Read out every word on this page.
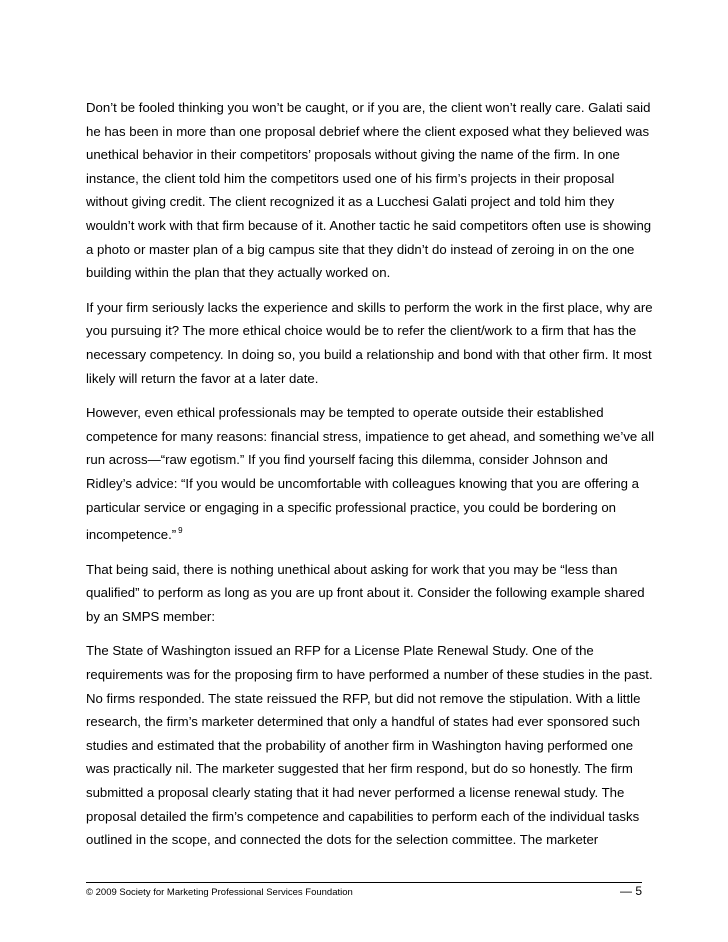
Don’t be fooled thinking you won’t be caught, or if you are, the client won’t really care. Galati said he has been in more than one proposal debrief where the client exposed what they believed was unethical behavior in their competitors’ proposals without giving the name of the firm. In one instance, the client told him the competitors used one of his firm’s projects in their proposal without giving credit. The client recognized it as a Lucchesi Galati project and told him they wouldn’t work with that firm because of it. Another tactic he said competitors often use is showing a photo or master plan of a big campus site that they didn’t do instead of zeroing in on the one building within the plan that they actually worked on.

If your firm seriously lacks the experience and skills to perform the work in the first place, why are you pursuing it? The more ethical choice would be to refer the client/work to a firm that has the necessary competency. In doing so, you build a relationship and bond with that other firm. It most likely will return the favor at a later date.

However, even ethical professionals may be tempted to operate outside their established competence for many reasons: financial stress, impatience to get ahead, and something we’ve all run across—“raw egotism.” If you find yourself facing this dilemma, consider Johnson and Ridley’s advice: “If you would be uncomfortable with colleagues knowing that you are offering a particular service or engaging in a specific professional practice, you could be bordering on incompetence.” $^9$

That being said, there is nothing unethical about asking for work that you may be “less than qualified” to perform as long as you are up front about it. Consider the following example shared by an SMPS member:

The State of Washington issued an RFP for a License Plate Renewal Study. One of the requirements was for the proposing firm to have performed a number of these studies in the past. No firms responded. The state reissued the RFP, but did not remove the stipulation. With a little research, the firm’s marketer determined that only a handful of states had ever sponsored such studies and estimated that the probability of another firm in Washington having performed one was practically nil. The marketer suggested that her firm respond, but do so honestly. The firm submitted a proposal clearly stating that it had never performed a license renewal study. The proposal detailed the firm’s competence and capabilities to perform each of the individual tasks outlined in the scope, and connected the dots for the selection committee. The marketer

© 2009 Society for Marketing Professional Services Foundation	— 5
